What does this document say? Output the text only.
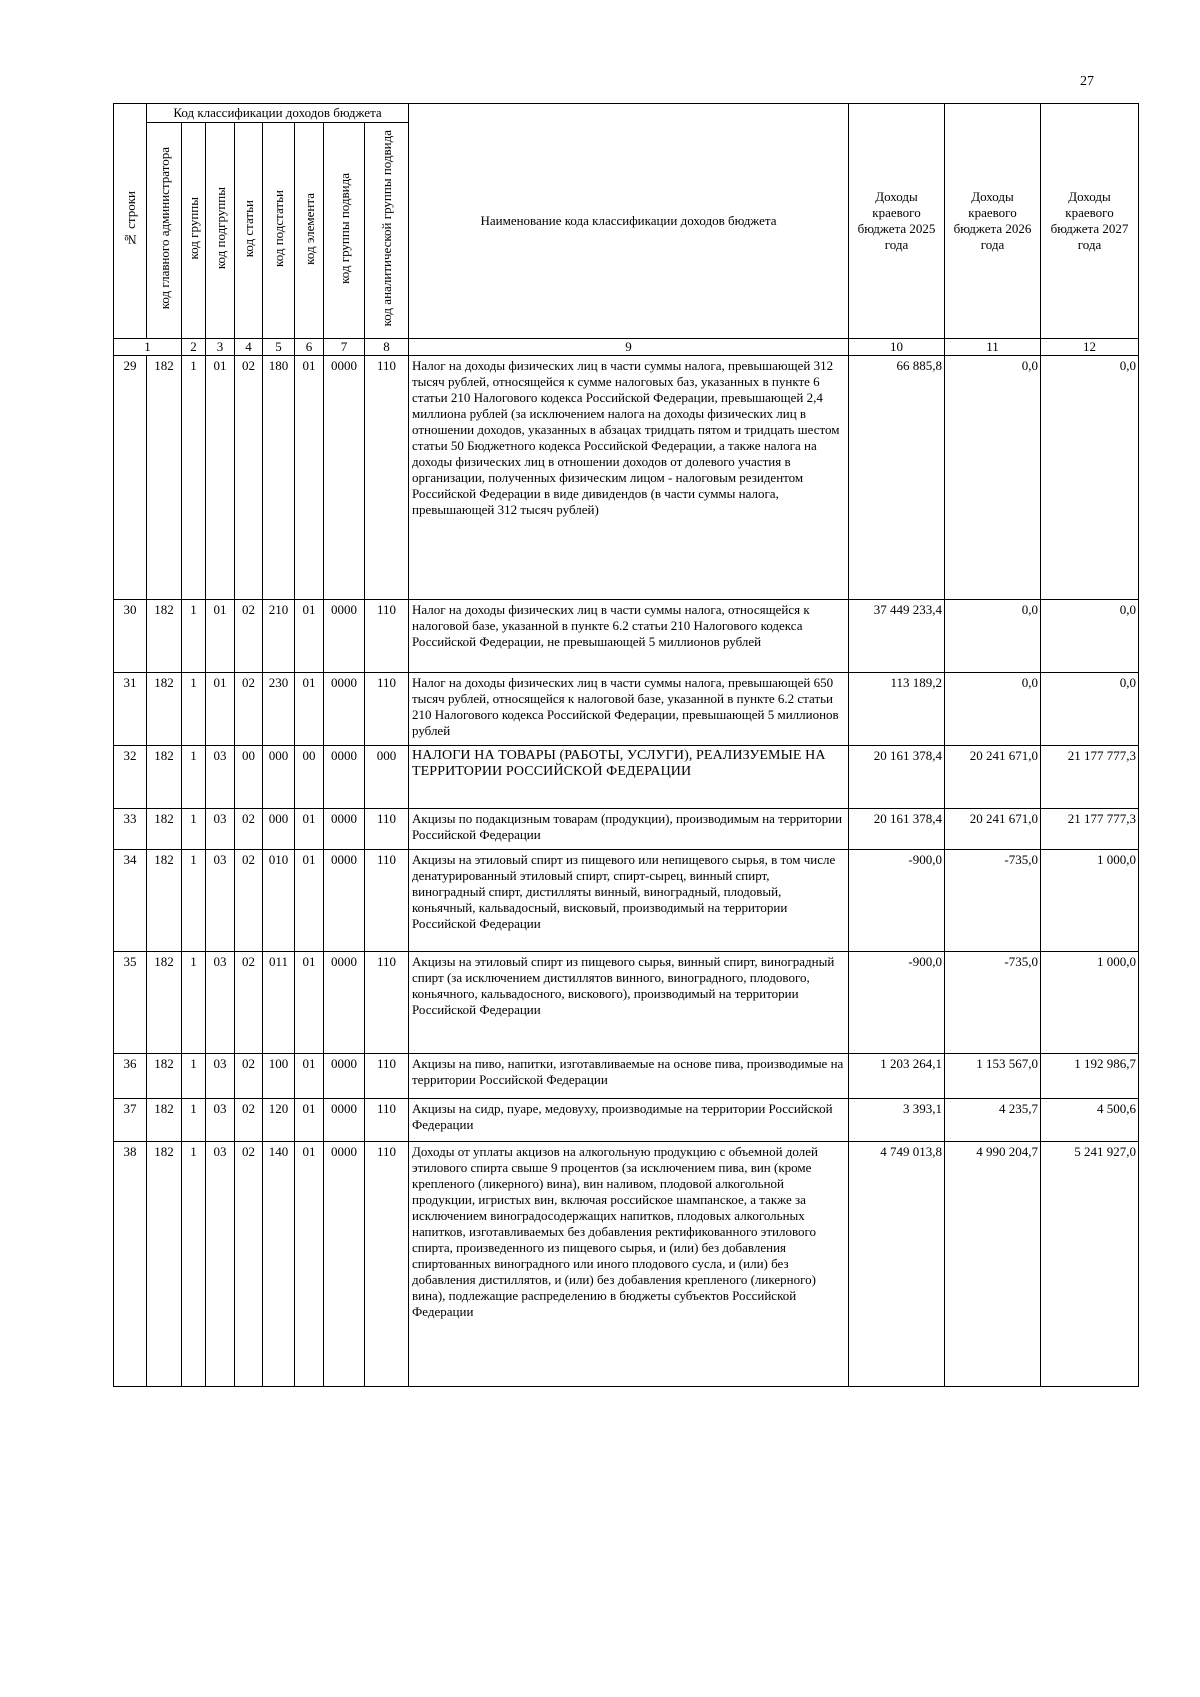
27
№ строки	Код классификации доходов бюджета								Наименование кода классификации доходов бюджета	Доходы краевого бюджета 2025 года	Доходы краевого бюджета 2026 года	Доходы краевого бюджета 2027 года
	код главного администратора	код группы	код подгруппы	код статьи	код подстатьи	код элемента	код группы подвида	код аналитической группы подвида				
1		2	3	4	5	6	7	8	9	10	11	12
29	182	1	01	02	180	01	0000	110	Налог на доходы физических лиц в части суммы налога, превышающей 312 тысяч рублей, относящейся к сумме налоговых баз, указанных в пункте 6 статьи 210 Налогового кодекса Российской Федерации, превышающей 2,4 миллиона рублей (за исключением налога на доходы физических лиц в отношении доходов, указанных в абзацах тридцать пятом и тридцать шестом статьи 50 Бюджетного кодекса Российской Федерации, а также налога на доходы физических лиц в отношении доходов от долевого участия в организации, полученных физическим лицом - налоговым резидентом Российской Федерации в виде дивидендов (в части суммы налога, превышающей 312 тысяч рублей)	66 885,8	0,0	0,0
30	182	1	01	02	210	01	0000	110	Налог на доходы физических лиц в части суммы налога, относящейся к налоговой базе, указанной в пункте 6.2 статьи 210 Налогового кодекса Российской Федерации, не превышающей 5 миллионов рублей	37 449 233,4	0,0	0,0
31	182	1	01	02	230	01	0000	110	Налог на доходы физических лиц в части суммы налога, превышающей 650 тысяч рублей, относящейся к налоговой базе, указанной в пункте 6.2 статьи 210 Налогового кодекса Российской Федерации, превышающей 5 миллионов рублей	113 189,2	0,0	0,0
32	182	1	03	00	000	00	0000	000	НАЛОГИ НА ТОВАРЫ (РАБОТЫ, УСЛУГИ), РЕАЛИЗУЕМЫЕ НА ТЕРРИТОРИИ РОССИЙСКОЙ ФЕДЕРАЦИИ	20 161 378,4	20 241 671,0	21 177 777,3
33	182	1	03	02	000	01	0000	110	Акцизы по подакцизным товарам (продукции), производимым на территории Российской Федерации	20 161 378,4	20 241 671,0	21 177 777,3
34	182	1	03	02	010	01	0000	110	Акцизы на этиловый спирт из пищевого или непищевого сырья, в том числе денатурированный этиловый спирт, спирт-сырец, винный спирт, виноградный спирт, дистилляты винный, виноградный, плодовый, коньячный, кальвадосный, висковый, производимый на территории Российской Федерации	-900,0	-735,0	1 000,0
35	182	1	03	02	011	01	0000	110	Акцизы на этиловый спирт из пищевого сырья, винный спирт, виноградный спирт (за исключением дистиллятов винного, виноградного, плодового, коньячного, кальвадосного, вискового), производимый на территории Российской Федерации	-900,0	-735,0	1 000,0
36	182	1	03	02	100	01	0000	110	Акцизы на пиво, напитки, изготавливаемые на основе пива, производимые на территории Российской Федерации	1 203 264,1	1 153 567,0	1 192 986,7
37	182	1	03	02	120	01	0000	110	Акцизы на сидр, пуаре, медовуху, производимые на территории Российской Федерации	3 393,1	4 235,7	4 500,6
38	182	1	03	02	140	01	0000	110	Доходы от уплаты акцизов на алкогольную продукцию с объемной долей этилового спирта свыше 9 процентов (за исключением пива, вин (кроме крепленого (ликерного) вина), вин наливом, плодовой алкогольной продукции, игристых вин, включая российское шампанское, а также за исключением виноградосодержащих напитков, плодовых алкогольных напитков, изготавливаемых без добавления ректификованного этилового спирта, произведенного из пищевого сырья, и (или) без добавления спиртованных виноградного или иного плодового сусла, и (или) без добавления дистиллятов, и (или) без добавления крепленого (ликерного) вина), подлежащие распределению в бюджеты субъектов Российской Федерации	4 749 013,8	4 990 204,7	5 241 927,0
